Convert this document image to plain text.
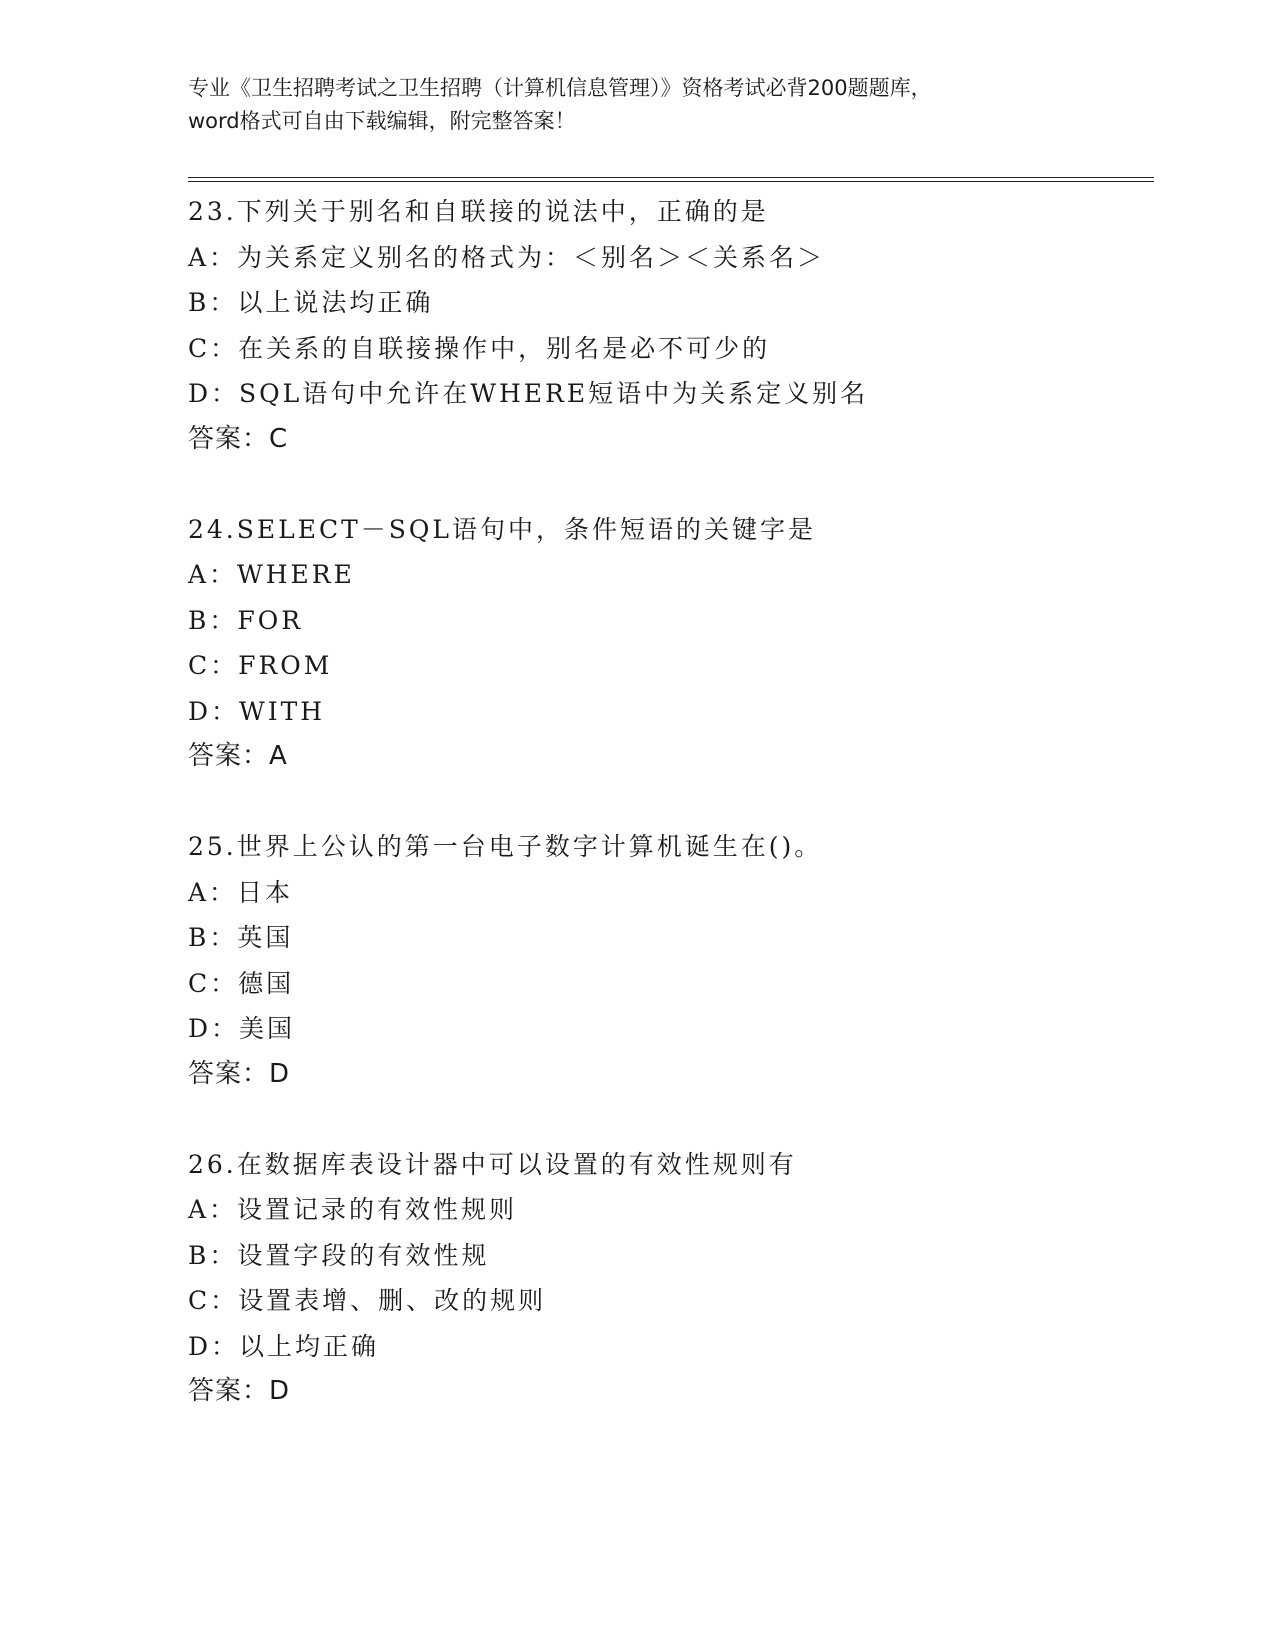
专业《卫生招聘考试之卫生招聘（计算机信息管理）》资格考试必背200题题库，
word格式可自由下载编辑，附完整答案！
23.下列关于别名和自联接的说法中，正确的是
A：为关系定义别名的格式为：＜别名＞＜关系名＞
B：以上说法均正确
C：在关系的自联接操作中，别名是必不可少的
D：SQL语句中允许在WHERE短语中为关系定义别名
答案：C
24.SELECT－SQL语句中，条件短语的关键字是
A：WHERE
B：FOR
C：FROM
D：WITH
答案：A
25.世界上公认的第一台电子数字计算机诞生在()。
A：日本
B：英国
C：德国
D：美国
答案：D
26.在数据库表设计器中可以设置的有效性规则有
A：设置记录的有效性规则
B：设置字段的有效性规
C：设置表增、删、改的规则
D：以上均正确
答案：D
